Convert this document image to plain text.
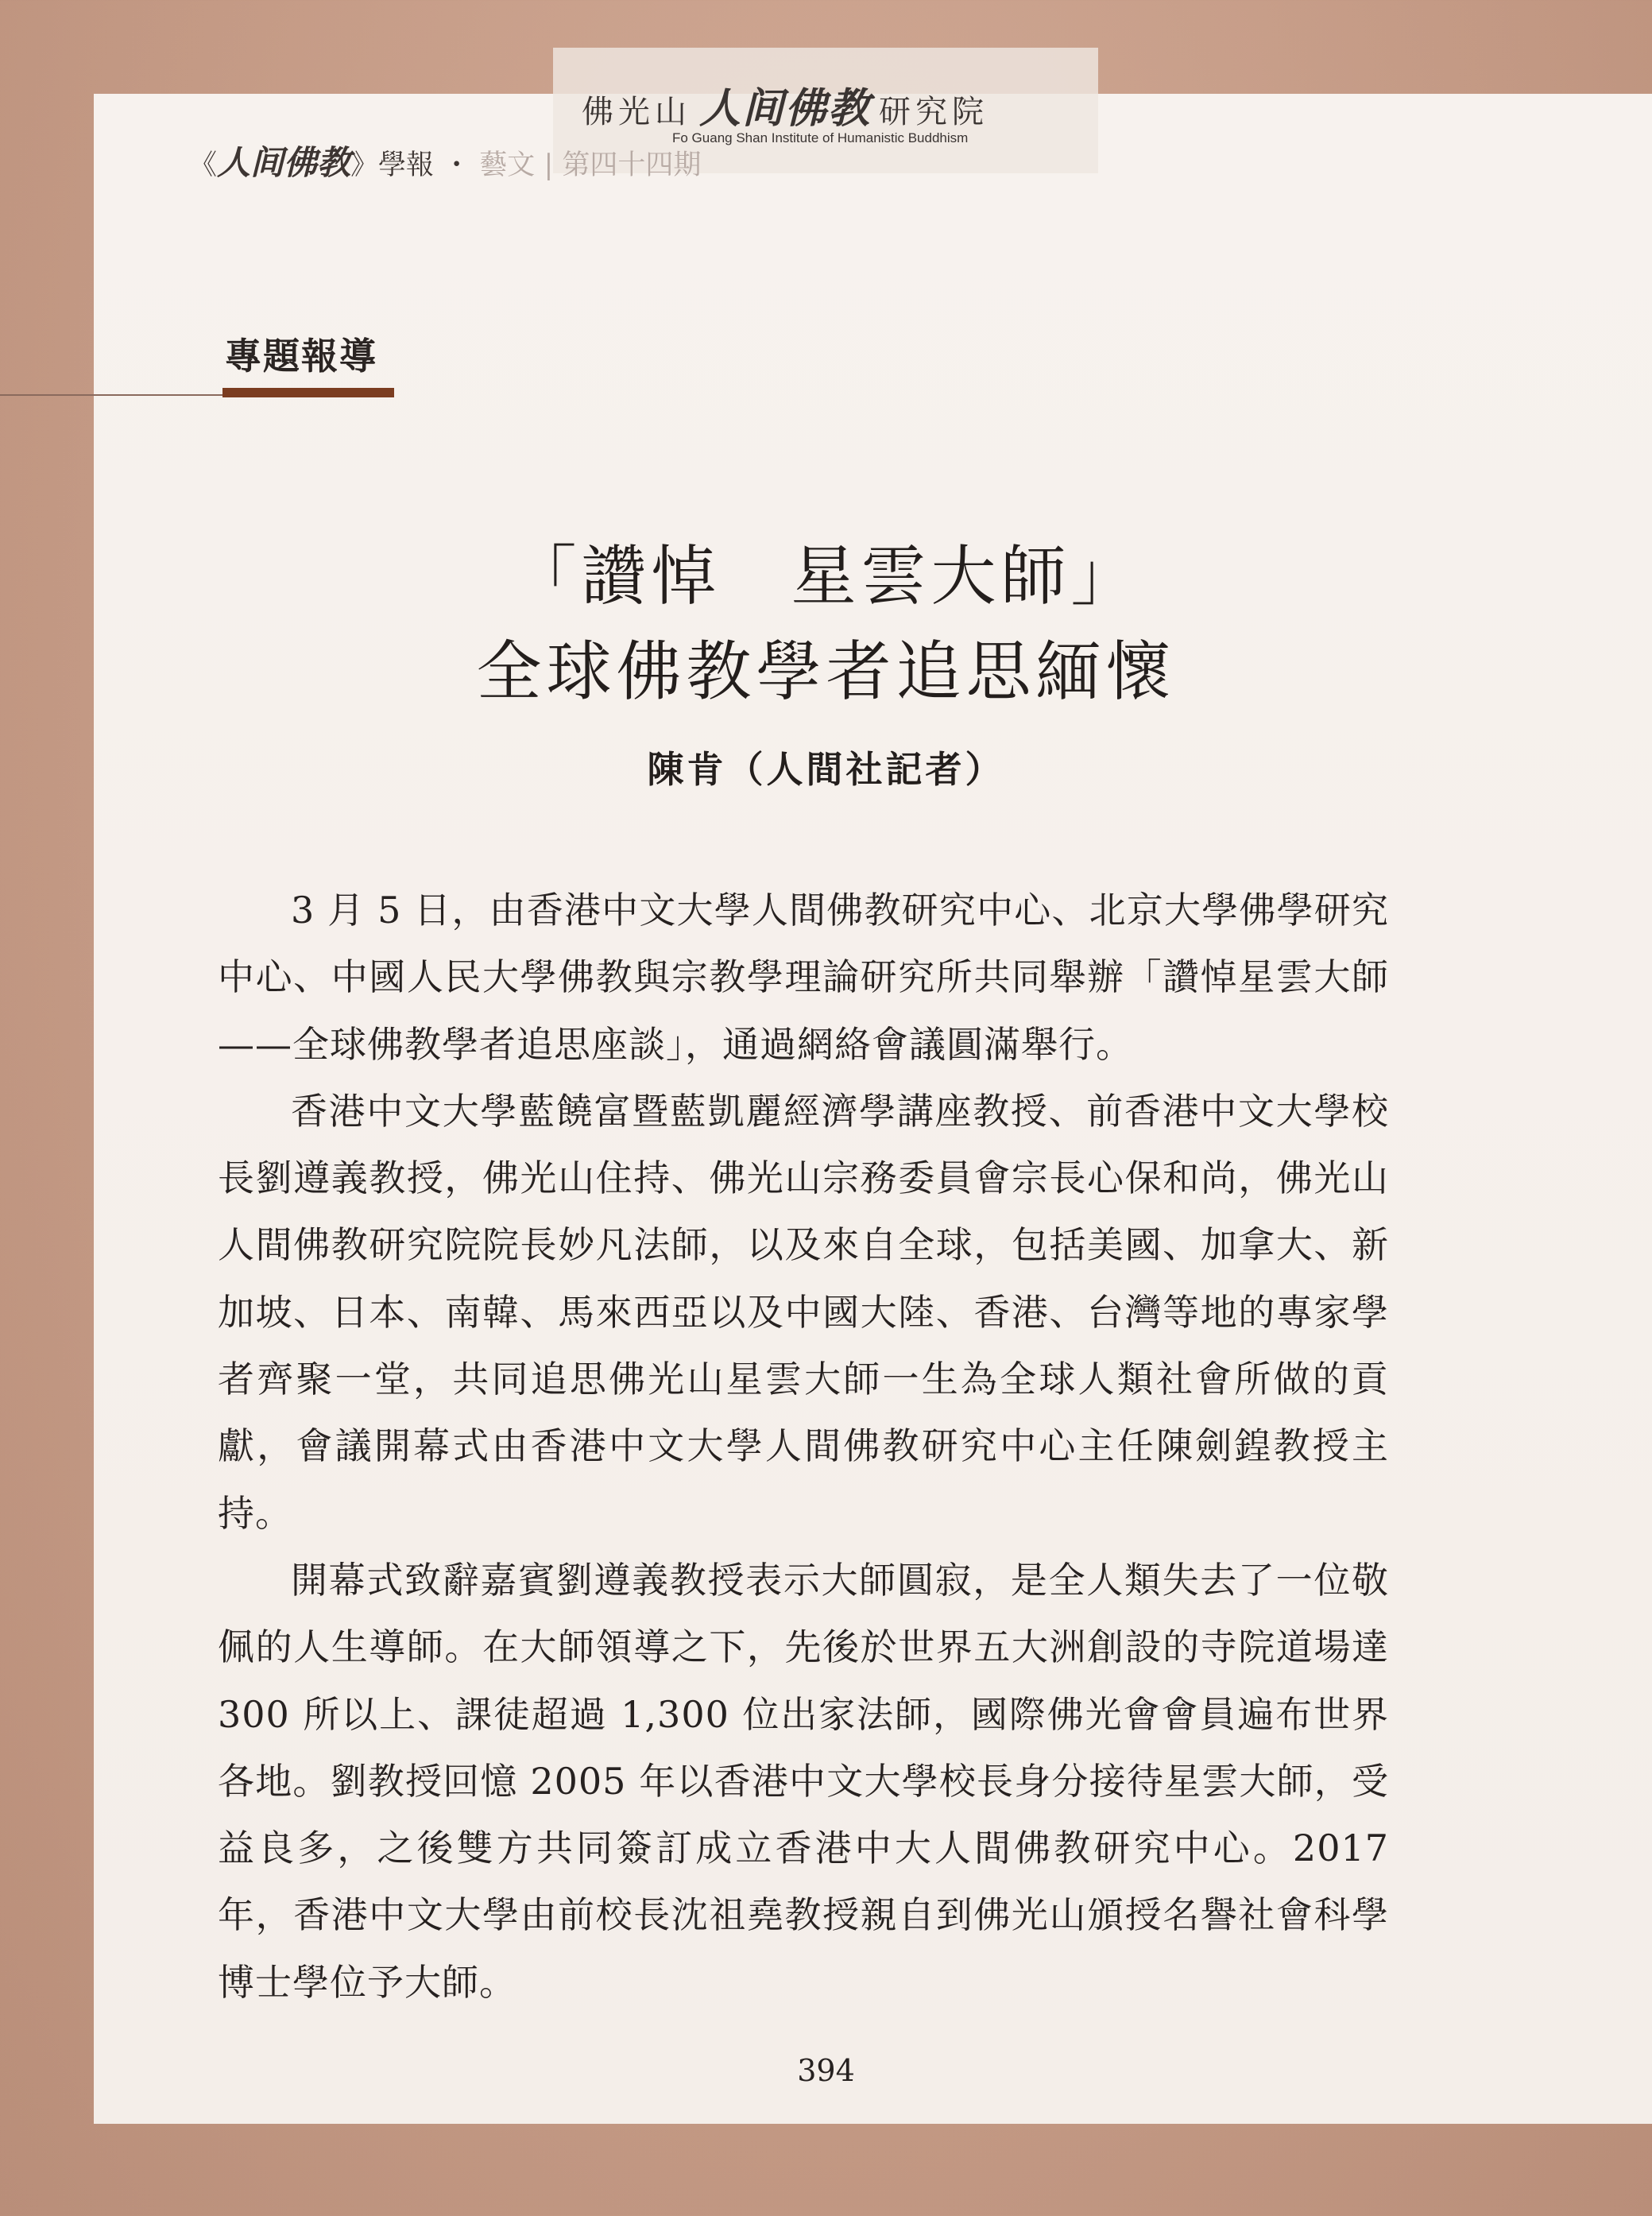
佛光山 人间佛教 研究院
Fo Guang Shan Institute of Humanistic Buddhism
《人间佛教》學報 ・ 藝文 | 第四十四期
專題報導
「讚悼　星雲大師」
全球佛教學者追思緬懷
陳肯（人間社記者）

3 月 5 日，由香港中文大學人間佛教研究中心、北京大學佛學研究中心、中國人民大學佛教與宗教學理論研究所共同舉辦「讚悼星雲大師——全球佛教學者追思座談」，通過網絡會議圓滿舉行。

香港中文大學藍饒富暨藍凱麗經濟學講座教授、前香港中文大學校長劉遵義教授，佛光山住持、佛光山宗務委員會宗長心保和尚，佛光山人間佛教研究院院長妙凡法師，以及來自全球，包括美國、加拿大、新加坡、日本、南韓、馬來西亞以及中國大陸、香港、台灣等地的專家學者齊聚一堂，共同追思佛光山星雲大師一生為全球人類社會所做的貢獻，會議開幕式由香港中文大學人間佛教研究中心主任陳劍鍠教授主持。

開幕式致辭嘉賓劉遵義教授表示大師圓寂，是全人類失去了一位敬佩的人生導師。在大師領導之下，先後於世界五大洲創設的寺院道場達 300 所以上、課徒超過 1,300 位出家法師，國際佛光會會員遍布世界各地。劉教授回憶 2005 年以香港中文大學校長身分接待星雲大師，受益良多，之後雙方共同簽訂成立香港中大人間佛教研究中心。2017 年，香港中文大學由前校長沈祖堯教授親自到佛光山頒授名譽社會科學博士學位予大師。

394
